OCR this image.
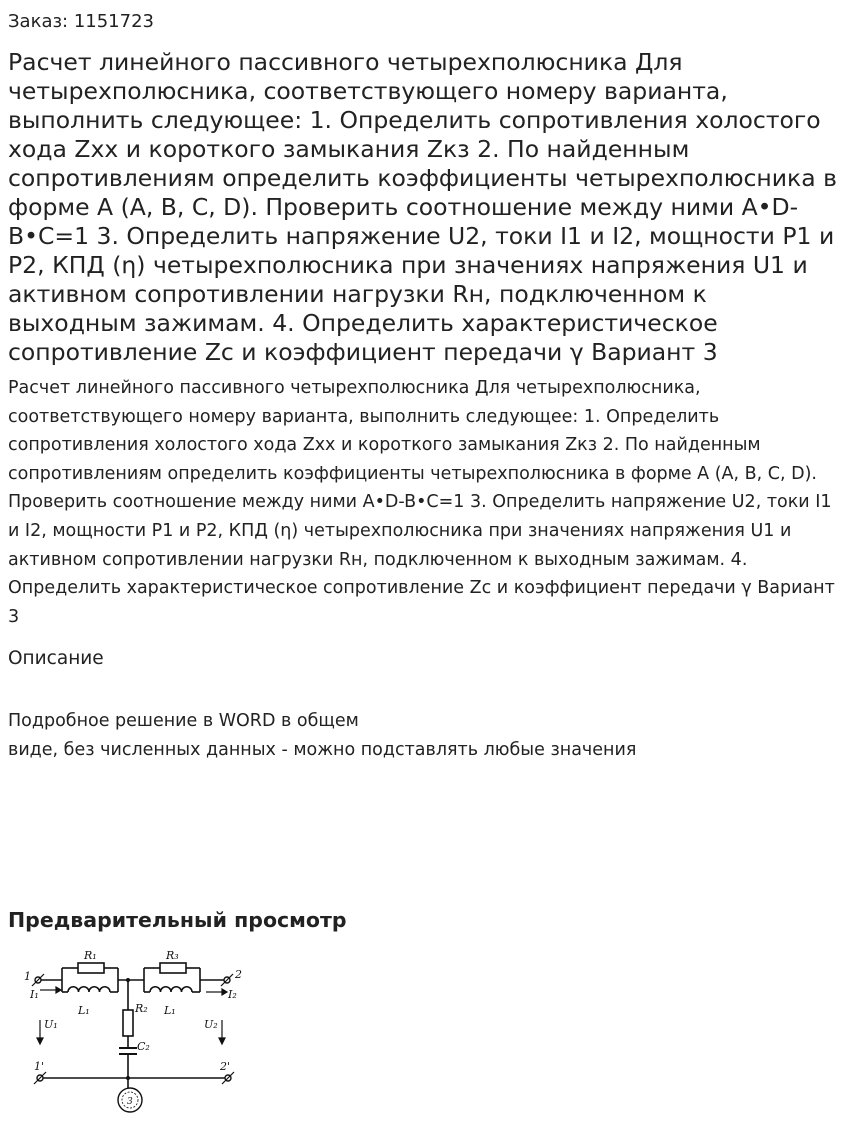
Заказ: 1151723
Расчет линейного пассивного четырехполюсника Для четырехполюсника, соответствующего номеру варианта, выполнить следующее: 1. Определить сопротивления холостого хода Zхх и короткого замыкания Zкз 2. По найденным сопротивлениям определить коэффициенты четырехполюсника в форме A (A, B, C, D). Проверить соотношение между ними A•D-B•C=1 3. Определить напряжение U2, токи I1 и I2, мощности P1 и P2, КПД (η) четырехполюсника при значениях напряжения U1 и активном сопротивлении нагрузки Rн, подключенном к выходным зажимам. 4. Определить характеристическое сопротивление Zc и коэффициент передачи γ Вариант 3
Расчет линейного пассивного четырехполюсника Для четырехполюсника, соответствующего номеру варианта, выполнить следующее: 1. Определить сопротивления холостого хода Zхх и короткого замыкания Zкз 2. По найденным сопротивлениям определить коэффициенты четырехполюсника в форме A (A, B, C, D). Проверить соотношение между ними A•D-B•C=1 3. Определить напряжение U2, токи I1 и I2, мощности P1 и P2, КПД (η) четырехполюсника при значениях напряжения U1 и активном сопротивлении нагрузки Rн, подключенном к выходным зажимам. 4. Определить характеристическое сопротивление Zc и коэффициент передачи γ Вариант 3
Описание
Подробное решение в WORD в общем
виде, без численных данных - можно подставлять любые значения
Предварительный просмотр
R₁	R₃
L₁	L₁
R₂
C₂
I₁	I₂
U₁	U₂
1	2
1'	2'
3
